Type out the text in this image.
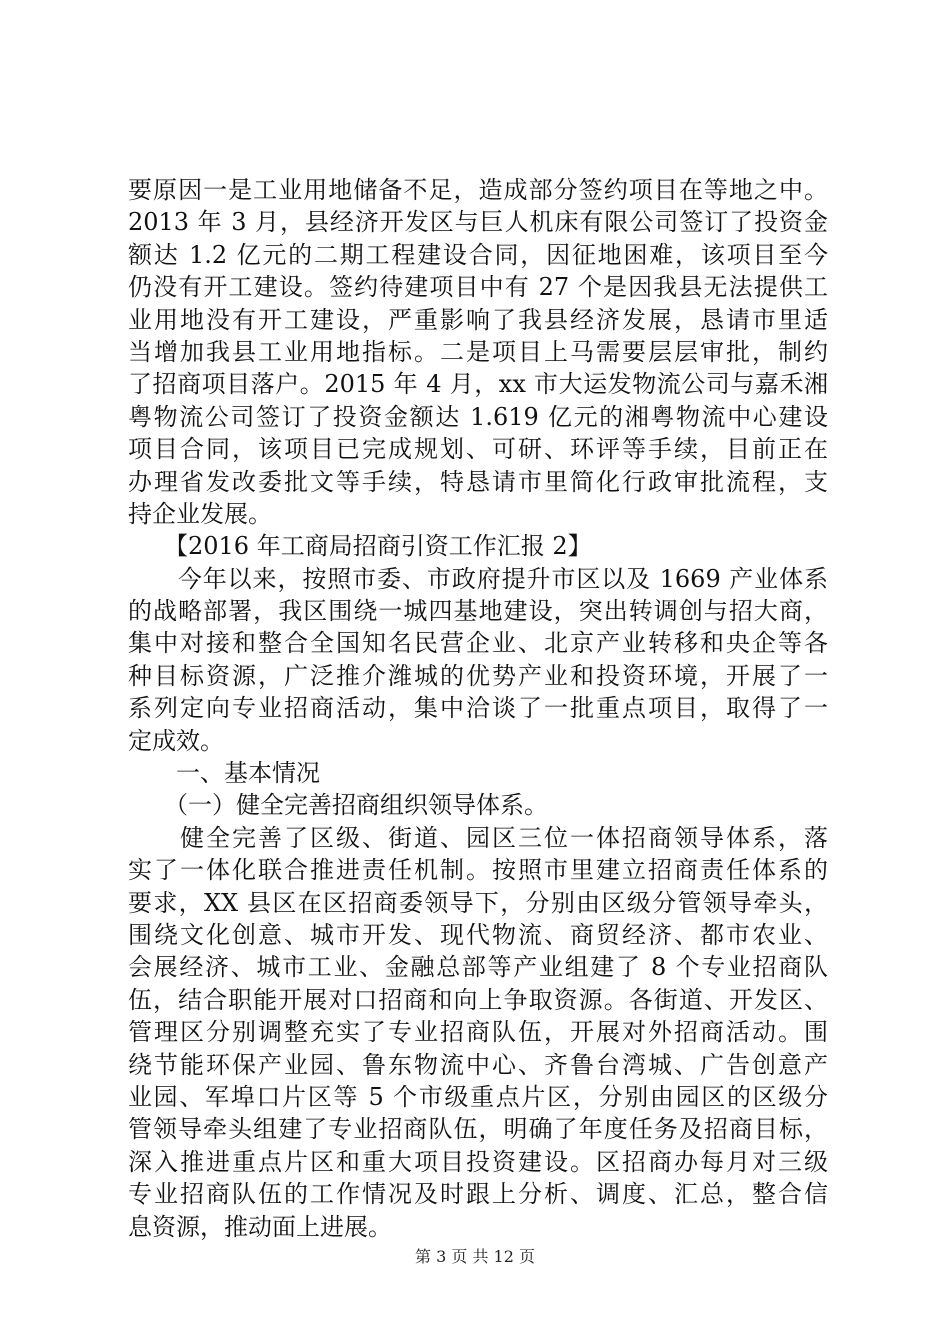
要原因一是工业用地储备不足，造成部分签约项目在等地之中。
2013 年 3 月，县经济开发区与巨人机床有限公司签订了投资金
额达 1.2 亿元的二期工程建设合同，因征地困难，该项目至今
仍没有开工建设。签约待建项目中有 27 个是因我县无法提供工
业用地没有开工建设，严重影响了我县经济发展，恳请市里适
当增加我县工业用地指标。二是项目上马需要层层审批，制约
了招商项目落户。2015 年 4 月，xx 市大运发物流公司与嘉禾湘
粤物流公司签订了投资金额达 1.619 亿元的湘粤物流中心建设
项目合同，该项目已完成规划、可研、环评等手续，目前正在
办理省发改委批文等手续，特恳请市里简化行政审批流程，支
持企业发展。
　　【2016 年工商局招商引资工作汇报 2】
　　今年以来，按照市委、市政府提升市区以及 1669 产业体系
的战略部署，我区围绕一城四基地建设，突出转调创与招大商，
集中对接和整合全国知名民营企业、北京产业转移和央企等各
种目标资源，广泛推介潍城的优势产业和投资环境，开展了一
系列定向专业招商活动，集中洽谈了一批重点项目，取得了一
定成效。
　　一、基本情况
　　（一）健全完善招商组织领导体系。
　　健全完善了区级、街道、园区三位一体招商领导体系，落
实了一体化联合推进责任机制。按照市里建立招商责任体系的
要求，XX 县区在区招商委领导下，分别由区级分管领导牵头，
围绕文化创意、城市开发、现代物流、商贸经济、都市农业、
会展经济、城市工业、金融总部等产业组建了 8 个专业招商队
伍，结合职能开展对口招商和向上争取资源。各街道、开发区、
管理区分别调整充实了专业招商队伍，开展对外招商活动。围
绕节能环保产业园、鲁东物流中心、齐鲁台湾城、广告创意产
业园、军埠口片区等 5 个市级重点片区，分别由园区的区级分
管领导牵头组建了专业招商队伍，明确了年度任务及招商目标，
深入推进重点片区和重大项目投资建设。区招商办每月对三级
专业招商队伍的工作情况及时跟上分析、调度、汇总，整合信
息资源，推动面上进展。
第 3 页 共 12 页
